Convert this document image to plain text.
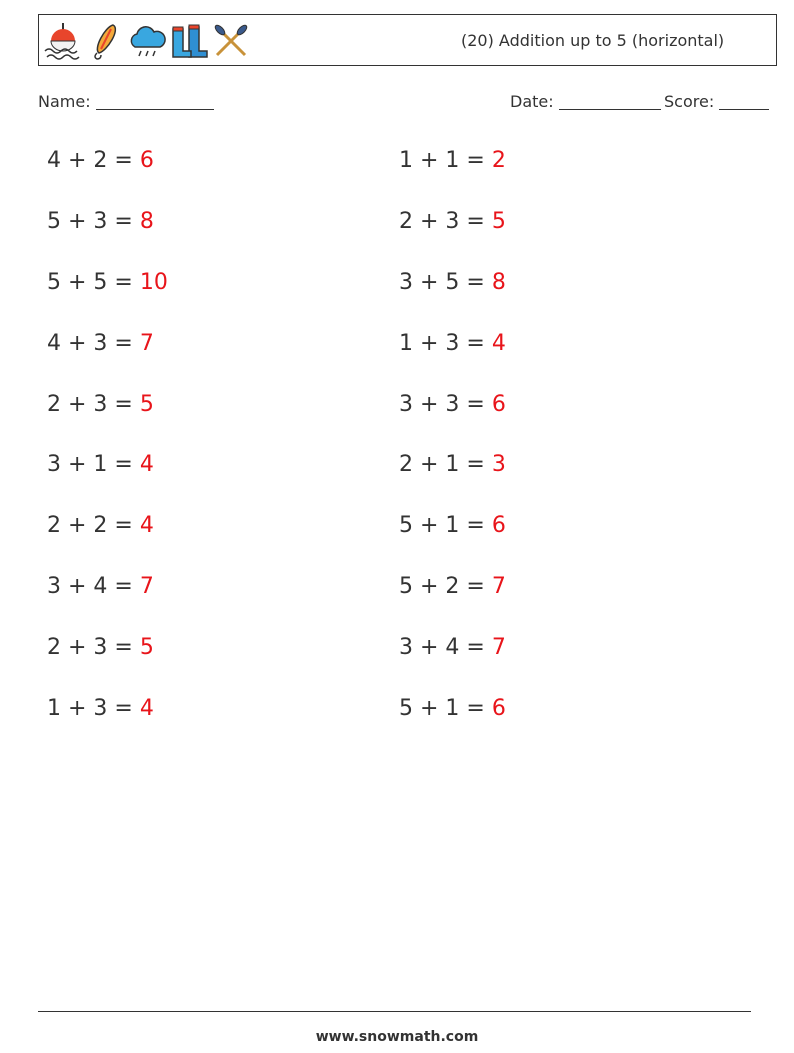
(20) Addition up to 5 (horizontal)
Name:	Date:	Score:
4 + 2 = 6
5 + 3 = 8
5 + 5 = 10
4 + 3 = 7
2 + 3 = 5
3 + 1 = 4
2 + 2 = 4
3 + 4 = 7
2 + 3 = 5
1 + 3 = 4
1 + 1 = 2
2 + 3 = 5
3 + 5 = 8
1 + 3 = 4
3 + 3 = 6
2 + 1 = 3
5 + 1 = 6
5 + 2 = 7
3 + 4 = 7
5 + 1 = 6
www.snowmath.com
